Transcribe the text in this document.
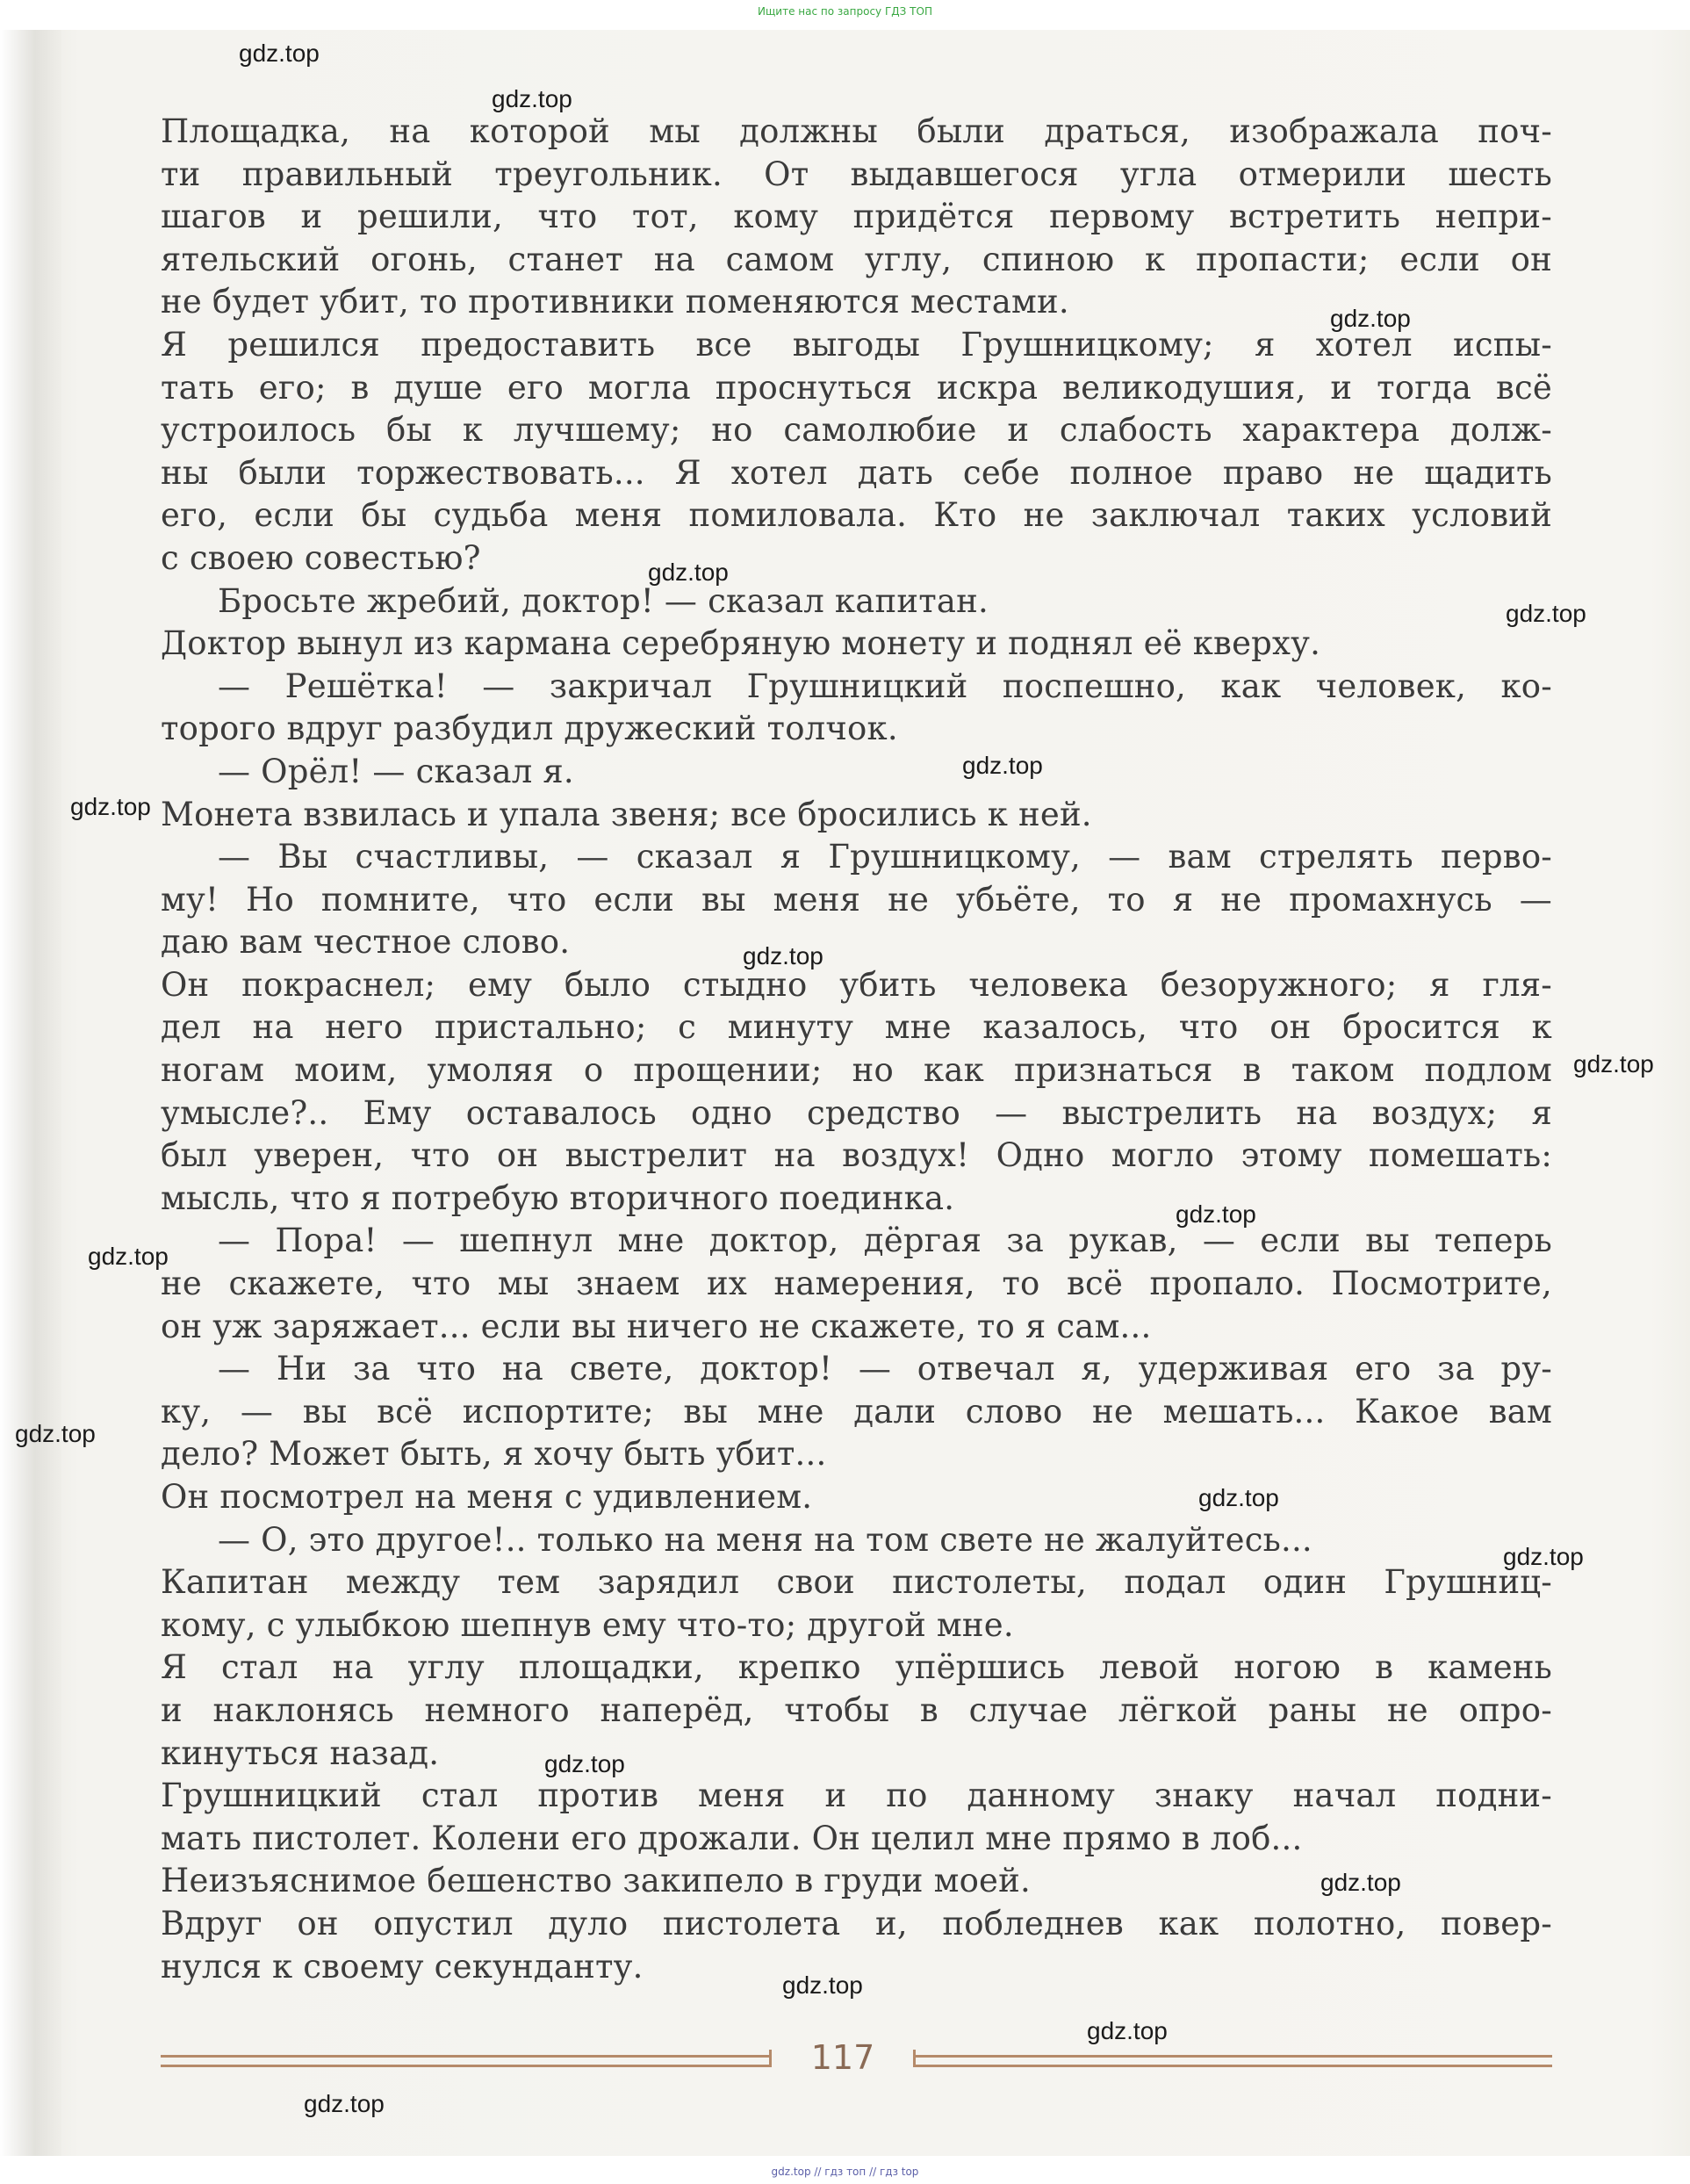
Ищите нас по запросу ГДЗ ТОП
Площадка, на которой мы должны были драться, изображала поч-
ти правильный треугольник. От выдавшегося угла отмерили шесть
шагов и решили, что тот, кому придётся первому встретить непри-
ятельский огонь, станет на самом углу, спиною к пропасти; если он
не будет убит, то противники поменяются местами.
Я решился предоставить все выгоды Грушницкому; я хотел испы-
тать его; в душе его могла проснуться искра великодушия, и тогда всё
устроилось бы к лучшему; но самолюбие и слабость характера долж-
ны были торжествовать... Я хотел дать себе полное право не щадить
его, если бы судьба меня помиловала. Кто не заключал таких условий
с своею совестью?
Бросьте жребий, доктор! — сказал капитан.
Доктор вынул из кармана серебряную монету и поднял её кверху.
— Решётка! — закричал Грушницкий поспешно, как человек, ко-
торого вдруг разбудил дружеский толчок.
— Орёл! — сказал я.
Монета взвилась и упала звеня; все бросились к ней.
— Вы счастливы, — сказал я Грушницкому, — вам стрелять перво-
му! Но помните, что если вы меня не убьёте, то я не промахнусь —
даю вам честное слово.
Он покраснел; ему было стыдно убить человека безоружного; я гля-
дел на него пристально; с минуту мне казалось, что он бросится к
ногам моим, умоляя о прощении; но как признаться в таком подлом
умысле?.. Ему оставалось одно средство — выстрелить на воздух; я
был уверен, что он выстрелит на воздух! Одно могло этому помешать:
мысль, что я потребую вторичного поединка.
— Пора! — шепнул мне доктор, дёргая за рукав, — если вы теперь
не скажете, что мы знаем их намерения, то всё пропало. Посмотрите,
он уж заряжает... если вы ничего не скажете, то я сам...
— Ни за что на свете, доктор! — отвечал я, удерживая его за ру-
ку, — вы всё испортите; вы мне дали слово не мешать... Какое вам
дело? Может быть, я хочу быть убит...
Он посмотрел на меня с удивлением.
— О, это другое!.. только на меня на том свете не жалуйтесь...
Капитан между тем зарядил свои пистолеты, подал один Грушниц-
кому, с улыбкою шепнув ему что-то; другой мне.
Я стал на углу площадки, крепко упёршись левой ногою в камень
и наклонясь немного наперёд, чтобы в случае лёгкой раны не опро-
кинуться назад.
Грушницкий стал против меня и по данному знаку начал подни-
мать пистолет. Колени его дрожали. Он целил мне прямо в лоб...
Неизъяснимое бешенство закипело в груди моей.
Вдруг он опустил дуло пистолета и, побледнев как полотно, повер-
нулся к своему секунданту.
gdz.top
gdz.top
gdz.top
gdz.top
gdz.top
gdz.top
gdz.top
gdz.top
gdz.top
gdz.top
gdz.top
gdz.top
gdz.top
gdz.top
gdz.top
gdz.top
gdz.top
gdz.top
gdz.top
117
gdz.top // гдз топ // гдз top
